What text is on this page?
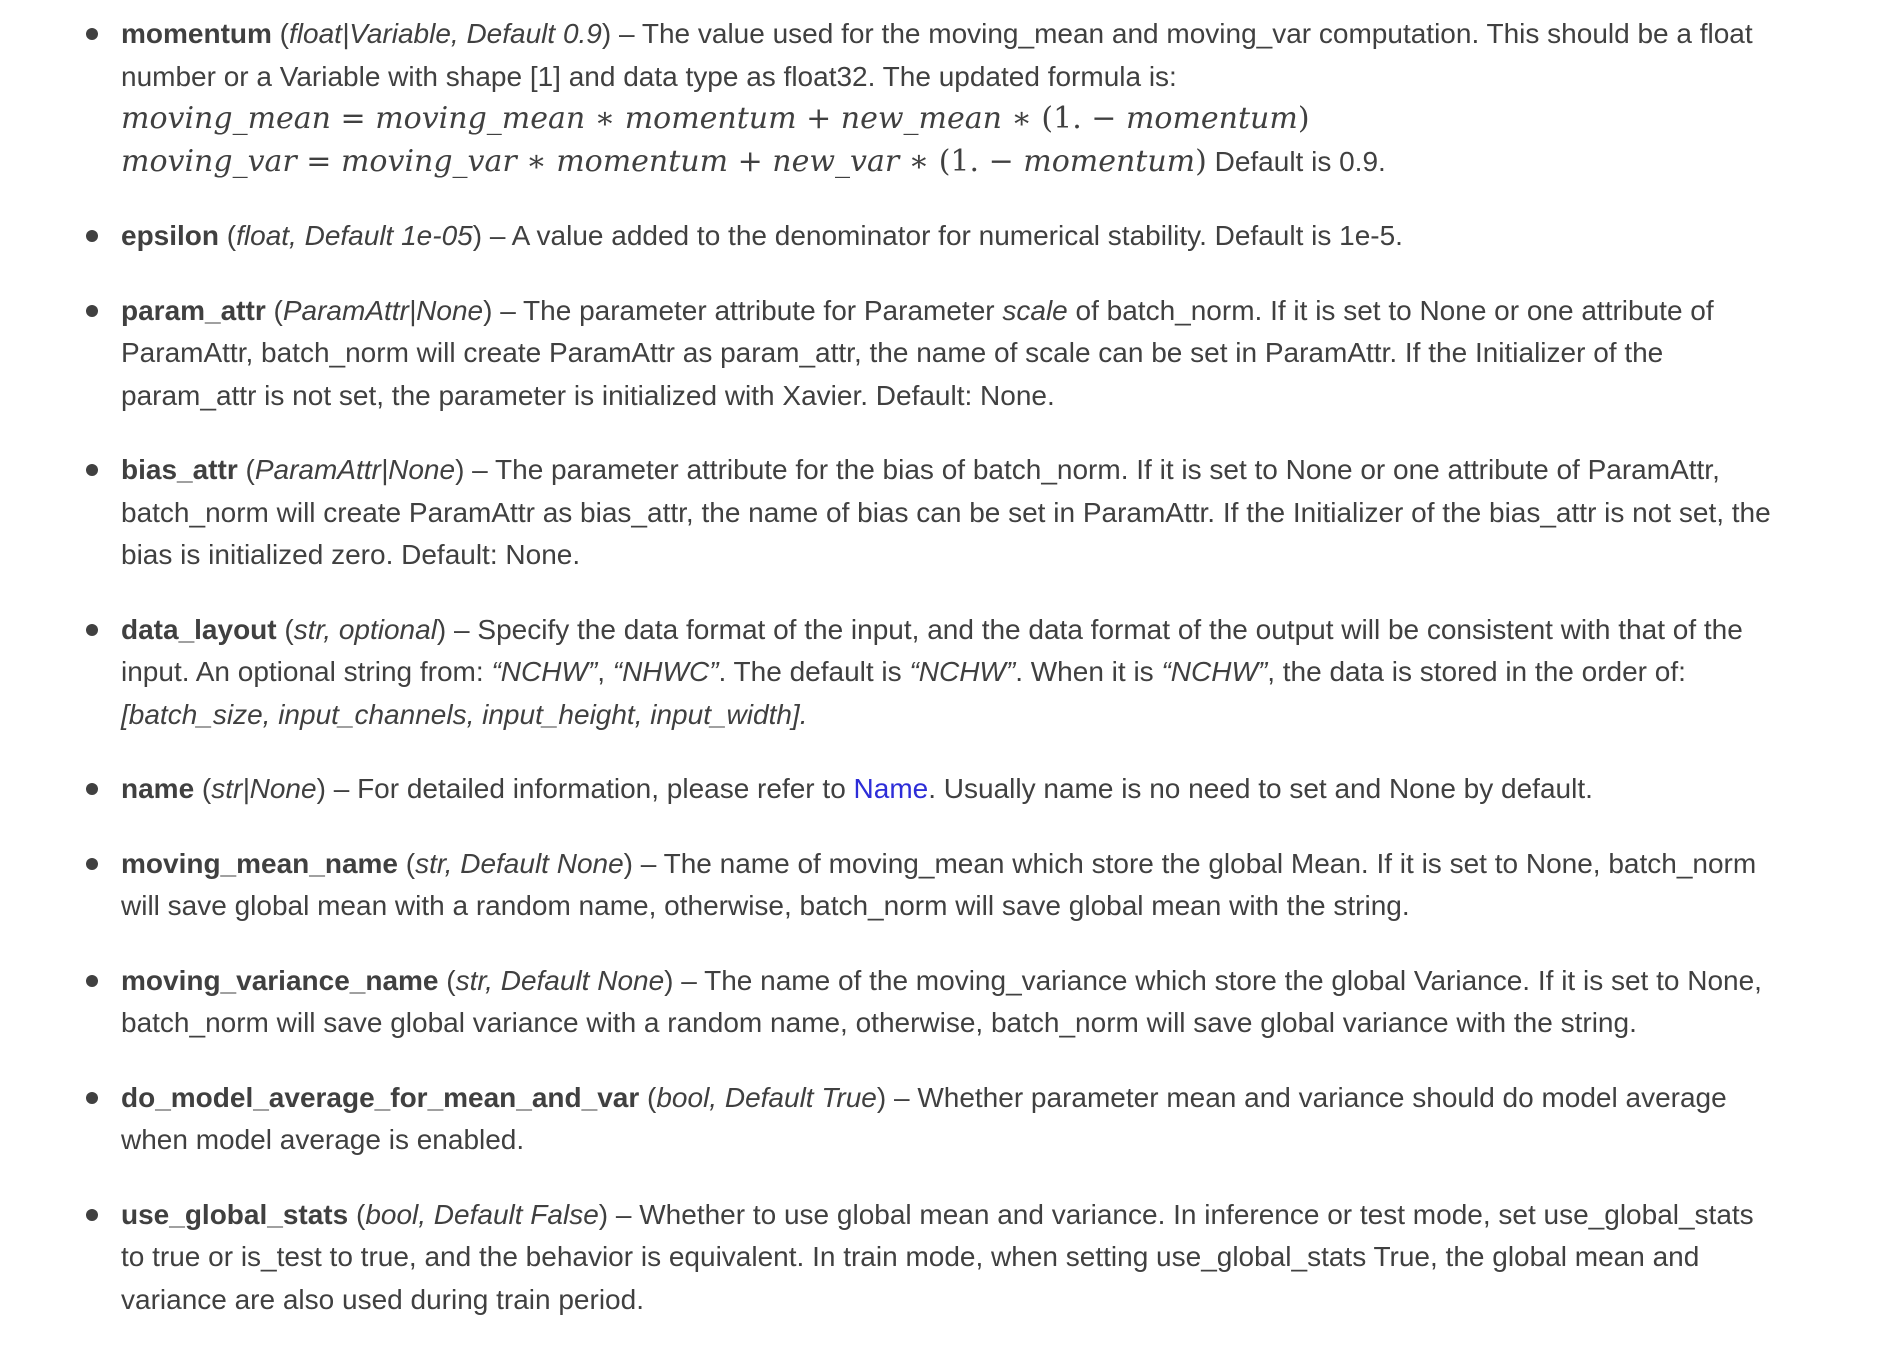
momentum (float|Variable, Default 0.9) – The value used for the moving_mean and moving_var computation. This should be a float number or a Variable with shape [1] and data type as float32. The updated formula is:
moving_mean = moving_mean ∗ momentum + new_mean ∗ (1. − momentum)
moving_var = moving_var ∗ momentum + new_var ∗ (1. − momentum) Default is 0.9.
epsilon (float, Default 1e-05) – A value added to the denominator for numerical stability. Default is 1e-5.
param_attr (ParamAttr|None) – The parameter attribute for Parameter scale of batch_norm. If it is set to None or one attribute of ParamAttr, batch_norm will create ParamAttr as param_attr, the name of scale can be set in ParamAttr. If the Initializer of the param_attr is not set, the parameter is initialized with Xavier. Default: None.
bias_attr (ParamAttr|None) – The parameter attribute for the bias of batch_norm. If it is set to None or one attribute of ParamAttr, batch_norm will create ParamAttr as bias_attr, the name of bias can be set in ParamAttr. If the Initializer of the bias_attr is not set, the bias is initialized zero. Default: None.
data_layout (str, optional) – Specify the data format of the input, and the data format of the output will be consistent with that of the input. An optional string from: “NCHW”, “NHWC”. The default is “NCHW”. When it is “NCHW”, the data is stored in the order of: [batch_size, input_channels, input_height, input_width].
name (str|None) – For detailed information, please refer to Name. Usually name is no need to set and None by default.
moving_mean_name (str, Default None) – The name of moving_mean which store the global Mean. If it is set to None, batch_norm will save global mean with a random name, otherwise, batch_norm will save global mean with the string.
moving_variance_name (str, Default None) – The name of the moving_variance which store the global Variance. If it is set to None, batch_norm will save global variance with a random name, otherwise, batch_norm will save global variance with the string.
do_model_average_for_mean_and_var (bool, Default True) – Whether parameter mean and variance should do model average when model average is enabled.
use_global_stats (bool, Default False) – Whether to use global mean and variance. In inference or test mode, set use_global_stats to true or is_test to true, and the behavior is equivalent. In train mode, when setting use_global_stats True, the global mean and variance are also used during train period.
